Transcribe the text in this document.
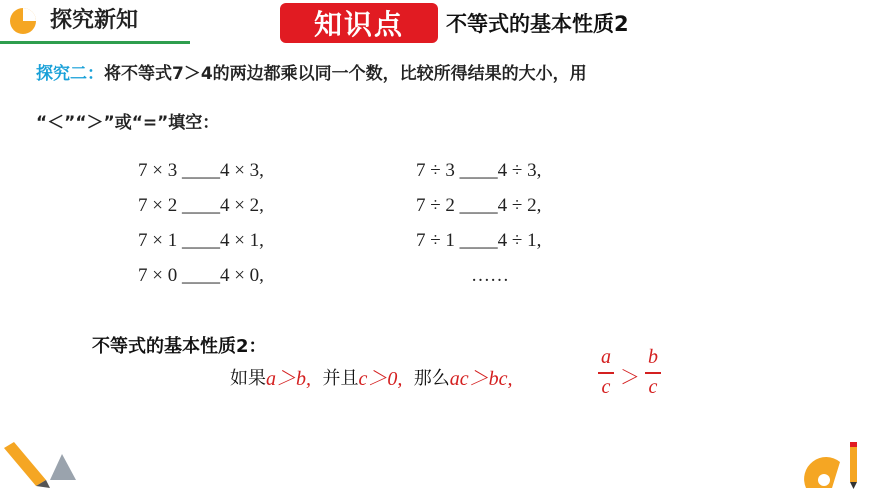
探究新知	知识点	不等式的基本性质2
探究二：将不等式7＞4的两边都乘以同一个数，比较所得结果的大小，用
“＜”“＞”或“=”填空：
7 × 3 ____4 × 3,
7 × 2 ____4 × 2,
7 × 1 ____4 × 1,
7 × 0 ____4 × 0,
7 ÷ 3 ____4 ÷ 3,
7 ÷ 2 ____4 ÷ 2,
7 ÷ 1 ____4 ÷ 1,
……
不等式的基本性质2：
如果 a＞b, 并且 c＞0, 那么 ac＞bc,
a
c ＞
b
c
